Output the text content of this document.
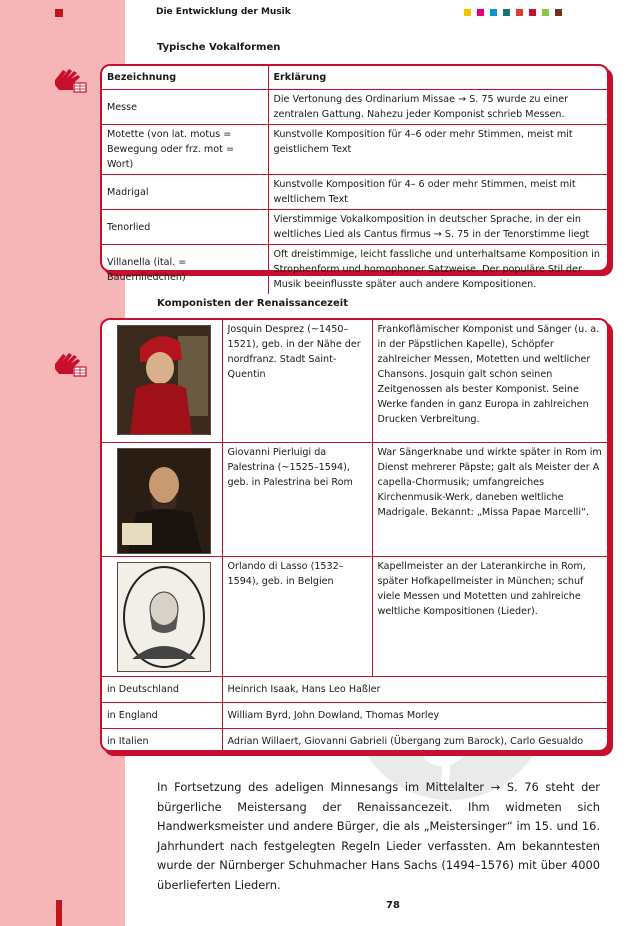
Die Entwicklung der Musik
Typische Vokalformen
Bezeichnung	Erklärung
Messe	Die Vertonung des Ordinarium Missae → S. 75 wurde zu einer zentralen Gattung. Nahezu jeder Komponist schrieb Messen.
Motette (von lat. motus = Bewegung oder frz. mot = Wort)	Kunstvolle Komposition für 4–6 oder mehr Stimmen, meist mit geistlichem Text
Madrigal	Kunstvolle Komposition für 4– 6 oder mehr Stimmen, meist mit weltlichem Text
Tenorlied	Vierstimmige Vokalkomposition in deutscher Sprache, in der ein weltliches Lied als Cantus firmus → S. 75 in der Tenorstimme liegt
Villanella (ital. = Bauernliedchen)	Oft dreistimmige, leicht fassliche und unterhaltsame Komposition in Strophenform und homophoner Satzweise. Der populäre Stil der Musik beeinflusste später auch andere Kompositionen.
Komponisten der Renaissancezeit
	Josquin Desprez (~1450–1521), geb. in der Nähe der nordfranz. Stadt Saint-Quentin	Frankoflämischer Komponist und Sänger (u. a. in der Päpstlichen Kapelle), Schöpfer zahlreicher Messen, Motetten und weltlicher Chansons. Josquin galt schon seinen Zeitgenossen als bester Komponist. Seine Werke fanden in ganz Europa in zahlreichen Drucken Verbreitung.

	Giovanni Pierluigi da Palestrina (~1525–1594), geb. in Palestrina bei Rom	War Sängerknabe und wirkte später in Rom im Dienst mehrerer Päpste; galt als Meister der A capella-Chormusik; umfangreiches Kirchenmusik-Werk, daneben weltliche Madrigale. Bekannt: „Missa Papae Marcelli“.

	Orlando di Lasso (1532–1594), geb. in Belgien	Kapellmeister an der Laterankirche in Rom, später Hofkapellmeister in München; schuf viele Messen und Motetten und zahlreiche weltliche Kompositionen (Lieder).
in Deutschland	Heinrich Isaak, Hans Leo Haßler	
in England	William Byrd, John Dowland, Thomas Morley	
in Italien	Adrian Willaert, Giovanni Gabrieli (Übergang zum Barock), Carlo Gesualdo	
In Fortsetzung des adeligen Minnesangs im Mittelalter → S. 76 steht der bürgerliche Meistersang der Renaissancezeit. Ihm widmeten sich Handwerksmeister und andere Bürger, die als „Meistersinger“ im 15. und 16. Jahrhundert nach festgelegten Regeln Lieder verfassten. Am bekanntesten wurde der Nürnberger Schuhmacher Hans Sachs (1494–1576) mit über 4000 überlieferten Liedern.
78
